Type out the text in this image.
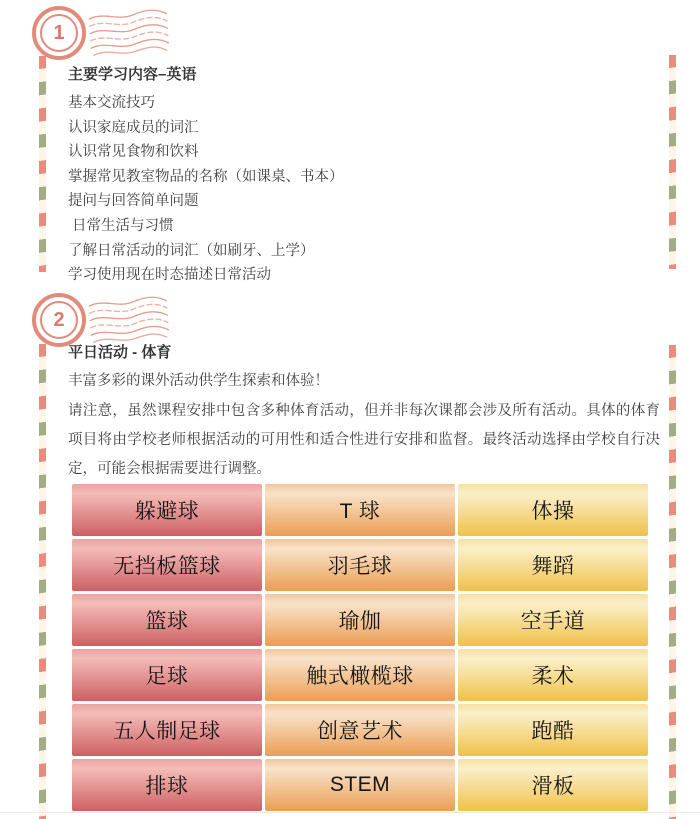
1
主要学习内容–英语
基本交流技巧
认识家庭成员的词汇
认识常见食物和饮料
掌握常见教室物品的名称（如课桌、书本）
提问与回答简单问题
日常生活与习惯
了解日常活动的词汇（如刷牙、上学）
学习使用现在时态描述日常活动
2
平日活动 - 体育
丰富多彩的课外活动供学生探索和体验！
请注意，虽然课程安排中包含多种体育活动，但并非每次课都会涉及所有活动。具体的体育项目将由学校老师根据活动的可用性和适合性进行安排和监督。最终活动选择由学校自行决定，可能会根据需要进行调整。
躲避球	T 球	体操
无挡板篮球	羽毛球	舞蹈
篮球	瑜伽	空手道
足球	触式橄榄球	柔术
五人制足球	创意艺术	跑酷
排球	STEM	滑板
